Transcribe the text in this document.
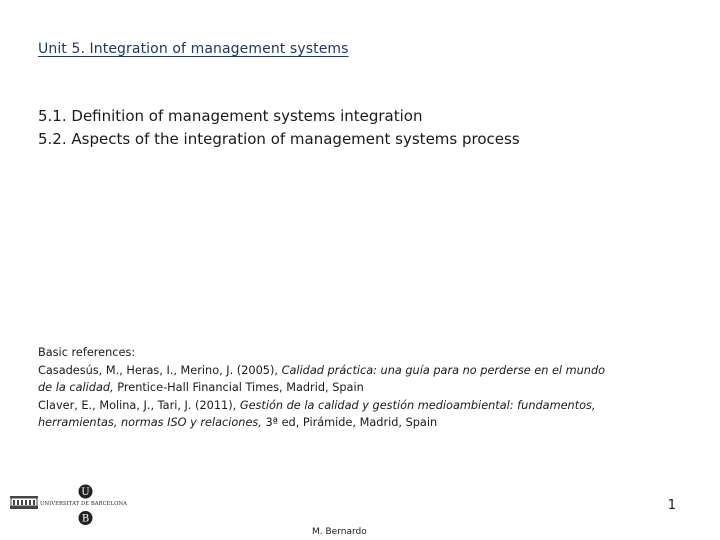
Unit 5. Integration of management systems
5.1. Definition of management systems integration
5.2. Aspects of the integration of management systems process
Basic references:
Casadesús, M., Heras, I., Merino, J. (2005), Calidad práctica: una guía para no perderse en el mundo
de la calidad, Prentice-Hall Financial Times, Madrid, Spain
Claver, E., Molina, J., Tari, J. (2011), Gestión de la calidad y gestión medioambiental: fundamentos,
herramientas, normas ISO y relaciones, 3ª ed, Pirámide, Madrid, Spain
U
UNIVERSITAT DE BARCELONA
B
1
M. Bernardo
